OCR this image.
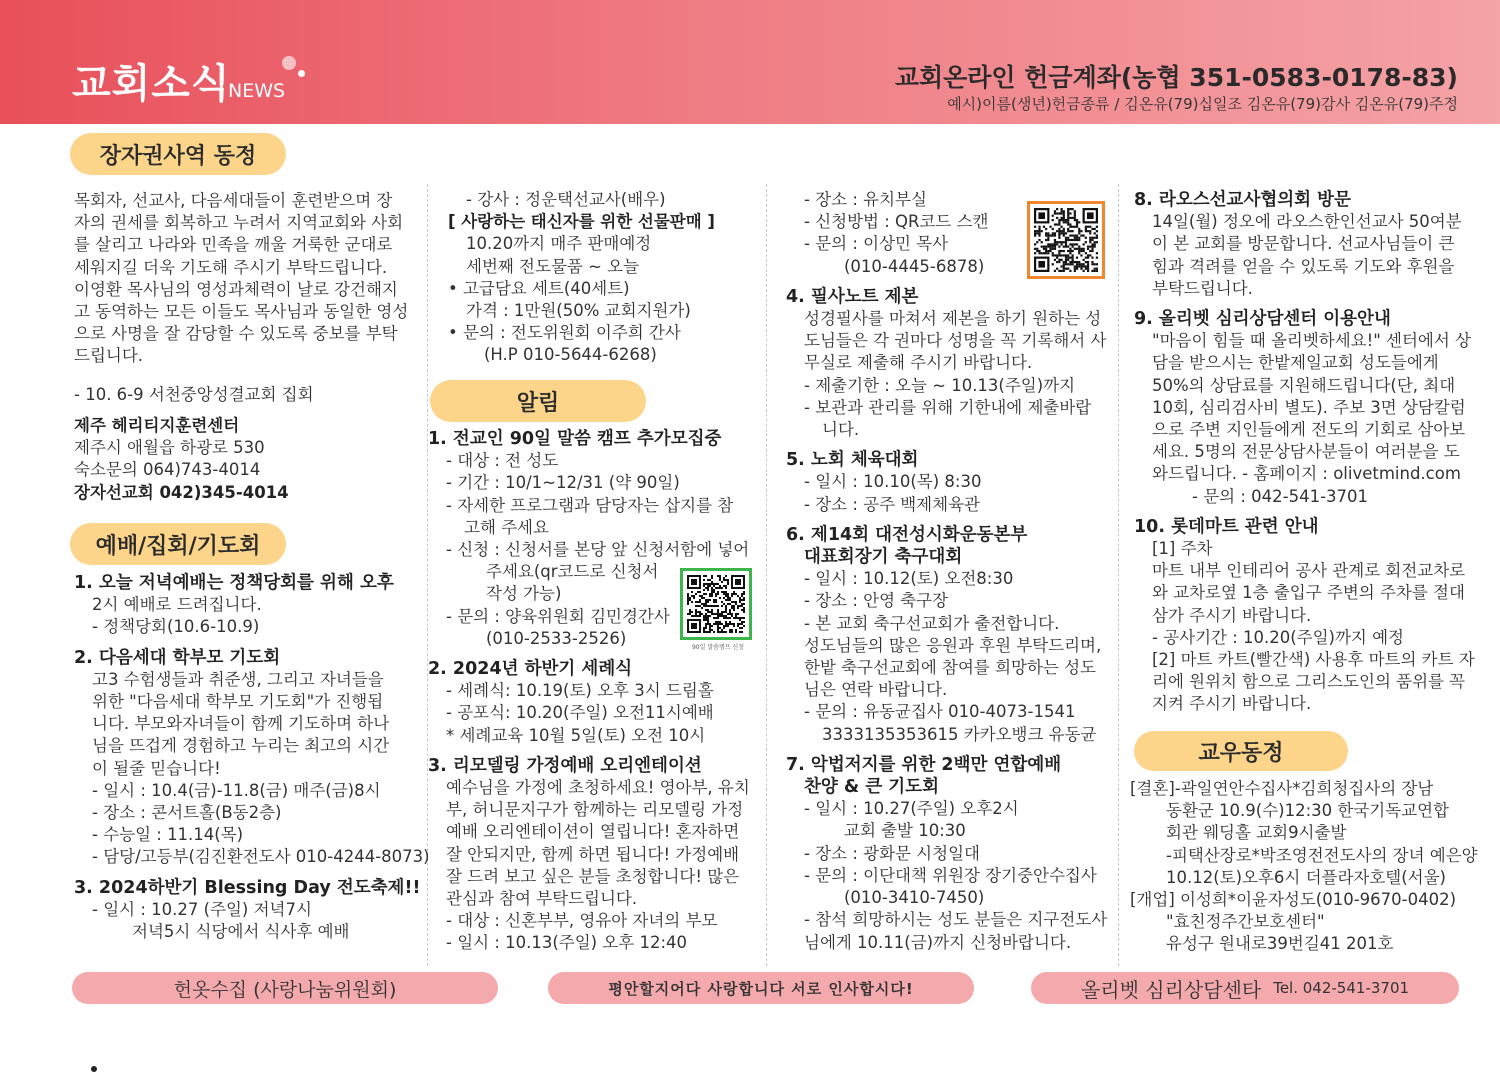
교회소식
NEWS	교회온라인 헌금계좌(농협 351-0583-0178-83)
예시)이름(생년)헌금종류 / 김온유(79)십일조 김온유(79)감사 김온유(79)주정
장자권사역 동정
목회자, 선교사, 다음세대들이 훈련받으며 장
자의 권세를 회복하고 누려서 지역교회와 사회
를 살리고 나라와 민족을 깨울 거룩한 군대로
세워지길 더욱 기도해 주시기 부탁드립니다.
이영환 목사님의 영성과체력이 날로 강건해지
고 동역하는 모든 이들도 목사님과 동일한 영성
으로 사명을 잘 감당할 수 있도록 중보를 부탁
드립니다.
- 10. 6-9 서천중앙성결교회 집회
제주 헤리티지훈련센터
제주시 애월읍 하광로 530
숙소문의 064)743-4014
장자선교회 042)345-4014
예배/집회/기도회
1. 오늘 저녁예배는 정책당회를 위해 오후
2시 예배로 드려집니다.
- 정책당회(10.6-10.9)
2. 다음세대 학부모 기도회
고3 수험생들과 취준생, 그리고 자녀들을
위한 "다음세대 학부모 기도회"가 진행됩
니다. 부모와자녀들이 함께 기도하며 하나
님을 뜨겁게 경험하고 누리는 최고의 시간
이 될줄 믿습니다!
- 일시 : 10.4(금)-11.8(금) 매주(금)8시
- 장소 : 콘서트홀(B동2층)
- 수능일 : 11.14(목)
- 담당/고등부(김진환전도사 010-4244-8073)
3. 2024하반기 Blessing Day 전도축제!!
- 일시 : 10.27 (주일) 저녁7시
저녁5시 식당에서 식사후 예배
- 강사 : 정운택선교사(배우)
[ 사랑하는 태신자를 위한 선물판매 ]
10.20까지 매주 판매예정
세번째 전도물품 ~ 오늘
• 고급담요 세트(40세트)
가격 : 1만원(50% 교회지원가)
• 문의 : 전도위원회 이주희 간사
(H.P 010-5644-6268)
알림
1. 전교인 90일 말씀 캠프 추가모집중
- 대상 : 전 성도
- 기간 : 10/1~12/31 (약 90일)
- 자세한 프로그램과 담당자는 삽지를 참
고해 주세요
- 신청 : 신청서를 본당 앞 신청서함에 넣어
주세요(qr코드로 신청서
작성 가능)
- 문의 : 양육위원회 김민경간사
(010-2533-2526)
2. 2024년 하반기 세례식
- 세례식: 10.19(토) 오후 3시 드림홀
- 공포식: 10.20(주일) 오전11시예배
* 세례교육 10월 5일(토) 오전 10시
3. 리모델링 가정예배 오리엔테이션
예수님을 가정에 초청하세요! 영아부, 유치
부, 허니문지구가 함께하는 리모델링 가정
예배 오리엔테이션이 열립니다! 혼자하면
잘 안되지만, 함께 하면 됩니다! 가정예배
잘 드려 보고 싶은 분들 초청합니다! 많은
관심과 참여 부탁드립니다.
- 대상 : 신혼부부, 영유아 자녀의 부모
- 일시 : 10.13(주일) 오후 12:40
90일 말씀캠프 신청
- 장소 : 유치부실
- 신청방법 : QR코드 스캔
- 문의 : 이상민 목사
(010-4445-6878)
4. 필사노트 제본
성경필사를 마쳐서 제본을 하기 원하는 성
도님들은 각 권마다 성명을 꼭 기록해서 사
무실로 제출해 주시기 바랍니다.
- 제출기한 : 오늘 ~ 10.13(주일)까지
- 보관과 관리를 위해 기한내에 제출바랍
니다.
5. 노회 체육대회
- 일시 : 10.10(목) 8:30
- 장소 : 공주 백제체육관
6. 제14회 대전성시화운동본부
대표회장기 축구대회
- 일시 : 10.12(토) 오전8:30
- 장소 : 안영 축구장
- 본 교회 축구선교회가 출전합니다.
성도님들의 많은 응원과 후원 부탁드리며,
한밭 축구선교회에 참여를 희망하는 성도
님은 연락 바랍니다.
- 문의 : 유동균집사 010-4073-1541
3333135353615 카카오뱅크 유동균
7. 악법저지를 위한 2백만 연합예배
찬양 & 큰 기도회
- 일시 : 10.27(주일) 오후2시
교회 출발 10:30
- 장소 : 광화문 시청일대
- 문의 : 이단대책 위원장 장기중안수집사
(010-3410-7450)
- 참석 희망하시는 성도 분들은 지구전도사
님에게 10.11(금)까지 신청바랍니다.
8. 라오스선교사협의회 방문
14일(월) 정오에 라오스한인선교사 50여분
이 본 교회를 방문합니다. 선교사님들이 큰
힘과 격려를 얻을 수 있도록 기도와 후원을
부탁드립니다.
9. 올리벳 심리상담센터 이용안내
"마음이 힘들 때 올리벳하세요!" 센터에서 상
담을 받으시는 한밭제일교회 성도들에게
50%의 상담료를 지원해드립니다(단, 최대
10회, 심리검사비 별도). 주보 3면 상담칼럼
으로 주변 지인들에게 전도의 기회로 삼아보
세요. 5명의 전문상담사분들이 여러분을 도
와드립니다. - 홈페이지 : olivetmind.com
- 문의 : 042-541-3701
10. 롯데마트 관련 안내
[1] 주차
마트 내부 인테리어 공사 관계로 회전교차로
와 교차로옆 1층 출입구 주변의 주차를 절대
삼가 주시기 바랍니다.
- 공사기간 : 10.20(주일)까지 예정
[2] 마트 카트(빨간색) 사용후 마트의 카트 자
리에 원위치 함으로 그리스도인의 품위를 꼭
지켜 주시기 바랍니다.
교우동정
[결혼]-곽일연안수집사*김희청집사의 장남
동환군 10.9(수)12:30 한국기독교연합
회관 웨딩홀 교회9시출발
-피택산장로*박조영전전도사의 장녀 예은양
10.12(토)오후6시 더플라자호텔(서울)
[개업] 이성희*이윤자성도(010-9670-0402)
"효친정주간보호센터"
유성구 원내로39번길41 201호
헌옷수집 (사랑나눔위원회)	평안할지어다 사랑합니다 서로 인사합시다!	올리벳 심리상담센타 Tel. 042-541-3701
